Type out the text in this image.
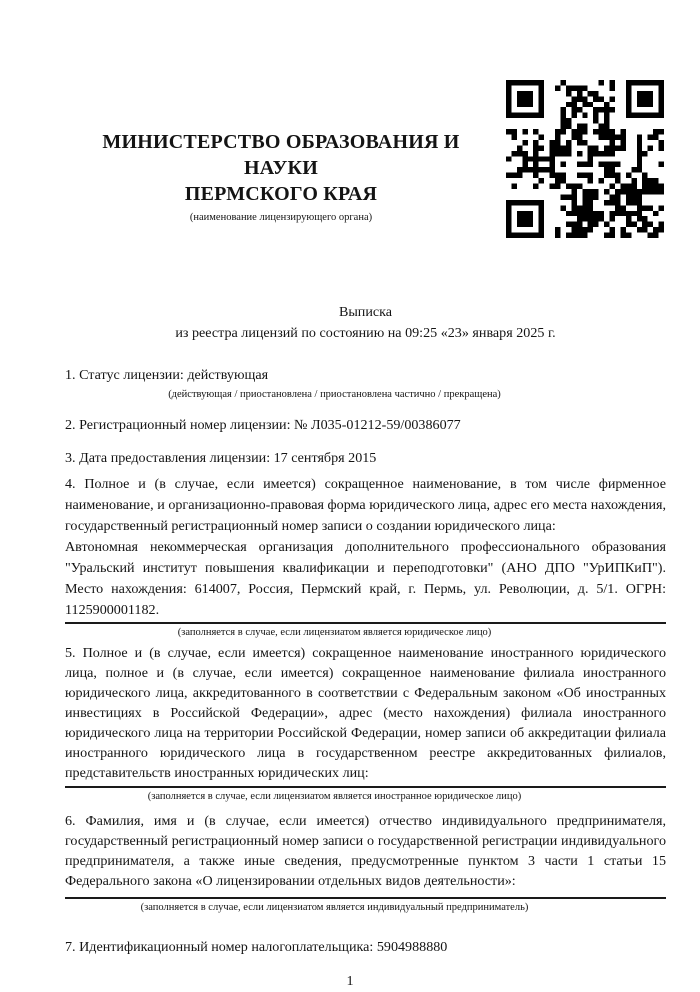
МИНИСТЕРСТВО ОБРАЗОВАНИЯ И НАУКИ
ПЕРМСКОГО КРАЯ
(наименование лицензирующего органа)
Выписка
из реестра лицензий по состоянию на 09:25 «23» января 2025 г.

1. Статус лицензии: действующая

(действующая / приостановлена / приостановлена частично / прекращена)

2. Регистрационный номер лицензии: № Л035-01212-59/00386077

3. Дата предоставления лицензии: 17 сентября 2015

4. Полное и (в случае, если имеется) сокращенное наименование, в том числе фирменное наименование, и организационно-правовая форма юридического лица, адрес его места нахождения, государственный регистрационный номер записи о создании юридического лица:

Автономная некоммерческая организация дополнительного профессионального образования "Уральский институт повышения квалификации и переподготовки" (АНО ДПО "УрИПКиП"). Место нахождения: 614007, Россия, Пермский край, г. Пермь, ул. Революции, д. 5/1. ОГРН: 1125900001182.

(заполняется в случае, если лицензиатом является юридическое лицо)

5. Полное и (в случае, если имеется) сокращенное наименование иностранного юридического лица, полное и (в случае, если имеется) сокращенное наименование филиала иностранного юридического лица, аккредитованного в соответствии с Федеральным законом «Об иностранных инвестициях в Российской Федерации», адрес (место нахождения) филиала иностранного юридического лица на территории Российской Федерации, номер записи об аккредитации филиала иностранного юридического лица в государственном реестре аккредитованных филиалов, представительств иностранных юридических лиц:

(заполняется в случае, если лицензиатом является иностранное юридическое лицо)

6. Фамилия, имя и (в случае, если имеется) отчество индивидуального предпринимателя, государственный регистрационный номер записи о государственной регистрации индивидуального предпринимателя, а также иные сведения, предусмотренные пунктом 3 части 1 статьи 15 Федерального закона «О лицензировании отдельных видов деятельности»:

(заполняется в случае, если лицензиатом является индивидуальный предприниматель)

7. Идентификационный номер налогоплательщика: 5904988880

1
